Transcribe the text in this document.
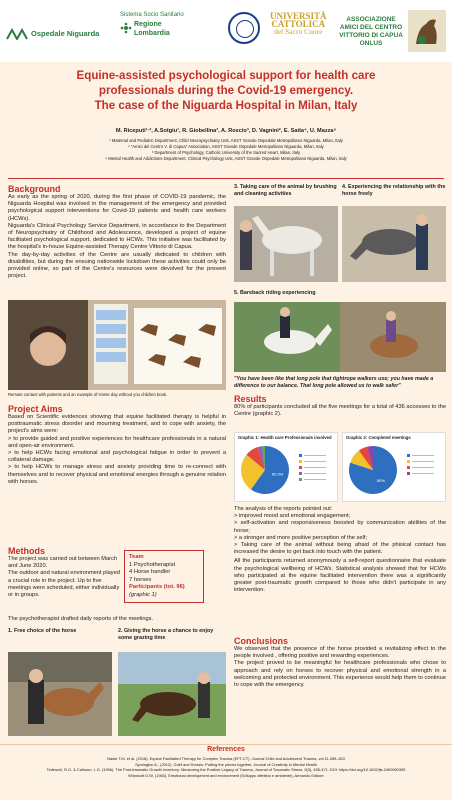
Ospedale Niguarda
Sistema Socio Sanitario
Regione
Lombardia
UNIVERSITÀ
CATTOLICA
del Sacro Cuore
ASSOCIAZIONE
AMICI DEL CENTRO
VITTORIO DI CAPUA
ONLUS
Equine-assisted psychological support for health care
professionals during the Covid-19 emergency.
The case of the Niguarda Hospital in Milan, Italy
M. Riceputi¹·², A.Sotgiu¹, R. Giobellina³, A. Roscio³, D. Vagnini², E. Saita⁴, U. Mazza⁵
¹ Maternal and Pediatric Department, Child Neuropsychiatry Unit, ASST Grande Ospedale Metropolitano Niguarda, Milan, Italy
² "Amici del Centro V. di Capua" Association, ASST Grande Ospedale Metropolitano Niguarda, Milan, Italy
³ Department of Psychology, Catholic University of the Sacred Heart, Milan, Italy
⁴ Mental Health and Addictions Department, Clinical Psychology Unit, ASST Grande Ospedale Metropolitano Niguarda, Milan, Italy
Background

As early as the spring of 2020, during the first phase of COVID-19 pandemic, the Niguarda Hospital was involved in the management of the emergency and provided psychological support interventions for Covid-19 patients and health care workers (HCWs).

Niguarda's Clinical Psychology Service Department, in accordance to the Department of Neuropsychiatry of Childhood and Adolescence, developed a project of equine facilitated psychological support, dedicated to HCWs. This initiative was facilitated by the hospital's in-house Equine-assisted Therapy Centre Vittorio di Capua.

The day-by-day activities of the Centre are usually dedicated to children with disabilities, but during the ensuing nationwide lockdown these activities could only be provided online, so part of the Centre's resources were devolved for the present project.

Remote contact with patients and an example of Horse day without you children book.
Project Aims

Based on Scientific evidences showing that equine facilitated therapy is helpful in posttraumatic stress disorder and mourning treatment, and to cope with anxiety, the project's aims were:

> to provide guided and positive experiences for healthcare professionals in a natural and open-air environment.
> to help HCWs facing emotional and psychological fatigue in order to prevent a collateral damage.
> to help HCWs to manage stress and anxiety providing time to re-connect with themselves and to recover physical and emotional energies through a genuine relation with horses.
Methods

The project was carried out between March and June 2020.

The outdoor and natural environment played a crucial role in the project. Up to five meetings were scheduled, either individually or in groups.

Team
1 Psychotherapist
4 Horse handler
7 horses
Participants (tot. 96)
(graphic 1)
The psychotherapist drafted daily reports of the meetings.
1. Free choice of the horse	2. Giving the horse a chance to enjoy some grazing time
3. Taking care of the animal by brushing and cleaning activities
4. Experiencing the relationship with the horse freely
5. Bareback riding experiencing
"You have been like that long pole that tightrope walkers use; you have made a difference to our balance. That long pole allowed us to walk safer"
Results

80% of participants concluded all the five meetings for a total of 436 accesses to the Centre (graphic 2).

Graphic 1: Health care Professionals involved
60.3%
Graphic 2: Completed meetings
80%

The analysis of the reports pointed out:

> improved mood and emotional engagement;
> self-activation and responsiveness boosted by communication abilities of the horse;
> a stronger and more positive perception of the self;
> Taking care of the animal without being afraid of the phisical contact has increased the desire to get back into touch with the patient.

All the participants returned anonymously a self-report questionnaire that evaluate the psychological wellbeing of HCWs. Statistical analysis showed that for HCWs who participated at the equine facilitated intervention there was a significantly greater post-traumatic growth compared to those who didn't participate in any intervention.

Conclusions

We observed that the presence of the horse provided a revitalizing effect to the people involved , offering positive and rewarding experiences.

The project proved to be meaningful for healthcare professionals who chose to approach and rely on horses to recover physical and emotional strength in a welcoming and protected environment. This experience would help them to continue to cope with the emergency.

References
Naste T.M. et al. (2018). Equine Facilitated Therapy for Complex Trauma (EFT-CT). Journal Child and Adolescent Trauma, vol 11,289–303
Symington A., (2012). Grief and Horses: Putting the pieces together, Journal of Creativity in Mental Health
Tedeschi, R.G. & Calhoun, L.G. (1996). The Post-traumatic Growth Inventory: Measuring the Positive Legacy of Trauma, Journal of Traumatic Stress, 9(3), 455-471. DOI: https://doi.org/10.1002/jts.2490090305
Winnicott D.W. (1983). Emotional development and environment (Sviluppo affettivo e ambiente), Armando Editore
